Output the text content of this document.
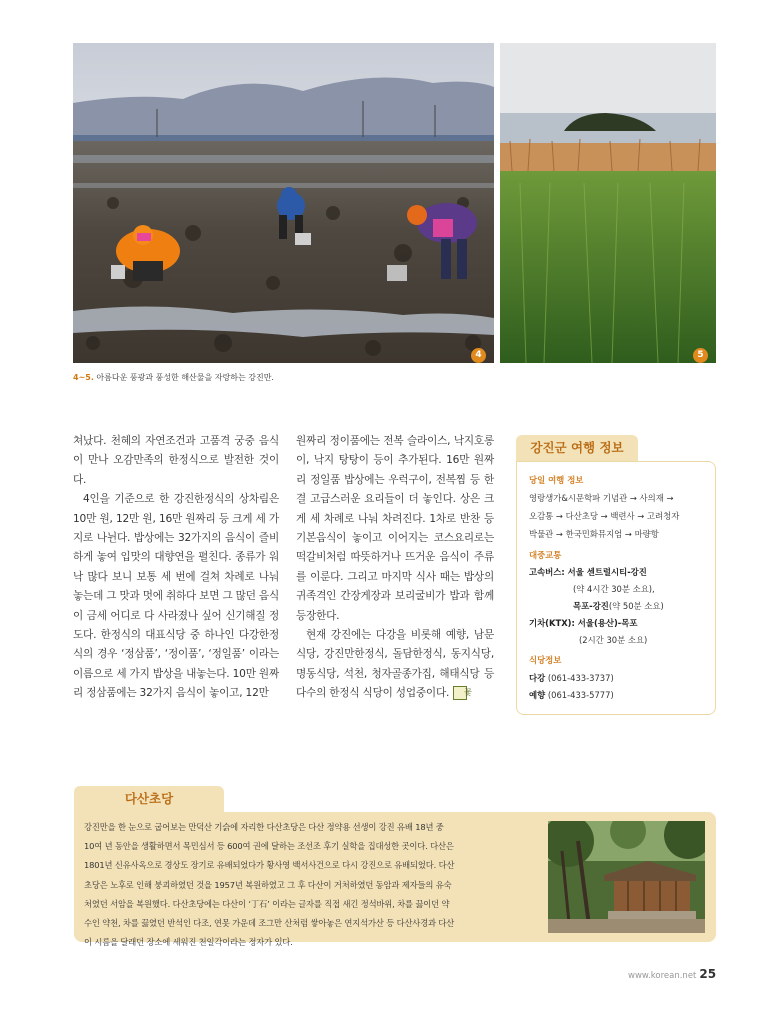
4	5
4~5. 아름다운 풍광과 풍성한 해산물을 자랑하는 강진만.

쳐났다. 천혜의 자연조건과 고품격 궁중 음식이 만나 오감만족의 한정식으로 발전한 것이다.

4인을 기준으로 한 강진한정식의 상차림은 10만 원, 12만 원, 16만 원짜리 등 크게 세 가지로 나뉜다. 밥상에는 32가지의 음식이 즐비하게 놓여 입맛의 대향연을 펼친다. 종류가 워낙 많다 보니 보통 세 번에 걸쳐 차례로 나눠 놓는데 그 맛과 멋에 취하다 보면 그 많던 음식이 금세 어디로 다 사라졌나 싶어 신기해질 정도다. 한정식의 대표식당 중 하나인 다강한정식의 경우 ‘정삼품’, ‘정이품’, ‘정일품’ 이라는 이름으로 세 가지 밥상을 내놓는다. 10만 원짜리 정삼품에는 32가지 음식이 놓이고, 12만

원짜리 정이품에는 전복 슬라이스, 낙지호롱이, 낙지 탕탕이 등이 추가된다. 16만 원짜리 정일품 밥상에는 우럭구이, 전복찜 등 한결 고급스러운 요리들이 더 놓인다. 상은 크게 세 차례로 나눠 차려진다. 1차로 반찬 등 기본음식이 놓이고 이어지는 코스요리로는 떡갈비처럼 따뜻하거나 뜨거운 음식이 주류를 이룬다. 그리고 마지막 식사 때는 밥상의 귀족격인 간장게장과 보리굴비가 밥과 함께 등장한다.

현재 강진에는 다강을 비롯해 예향, 남문식당, 강진만한정식, 돌담한정식, 동지식당, 명동식당, 석천, 청자골종가집, 해태식당 등 다수의 한정식 식당이 성업중이다. 꽃

강진군 여행 정보
당일 여행 정보
영랑생가&시문학파 기념관 → 사의재 →
오감통 → 다산초당 → 백련사 → 고려청자
박물관 → 한국민화뮤지엄 → 마량항
대중교통
고속버스: 서울 센트럴시티-강진
(약 4시간 30분 소요),
목포-강진(약 50분 소요)
기차(KTX): 서울(용산)-목포
(2시간 30분 소요)
식당정보
다강 (061-433-3737)
예향 (061-433-5777)
다산초당
강진만을 한 눈으로 굽어보는 만덕산 기슭에 자리한 다산초당은 다산 정약용 선생이 강진 유배 18년 중
10여 년 동안을 생활하면서 목민심서 등 600여 권에 달하는 조선조 후기 실학을 집대성한 곳이다. 다산은
1801년 신유사옥으로 경상도 장기로 유배되었다가 황사영 백서사건으로 다시 강진으로 유배되었다. 다산
초당은 노후로 인해 붕괴하였던 것을 1957년 복원하였고 그 후 다산이 거처하였던 동암과 제자들의 유숙
처였던 서암을 복원했다. 다산초당에는 다산이 ‘丁石’ 이라는 글자를 직접 새긴 정석바위, 차를 끓이던 약
수인 약천, 차를 끓였던 반석인 다조, 연못 가운데 조그만 산처럼 쌓아놓은 연지석가산 등 다산사경과 다산
이 시름을 달래던 장소에 세워진 천일각이라는 정자가 있다.
www.korean.net 25
